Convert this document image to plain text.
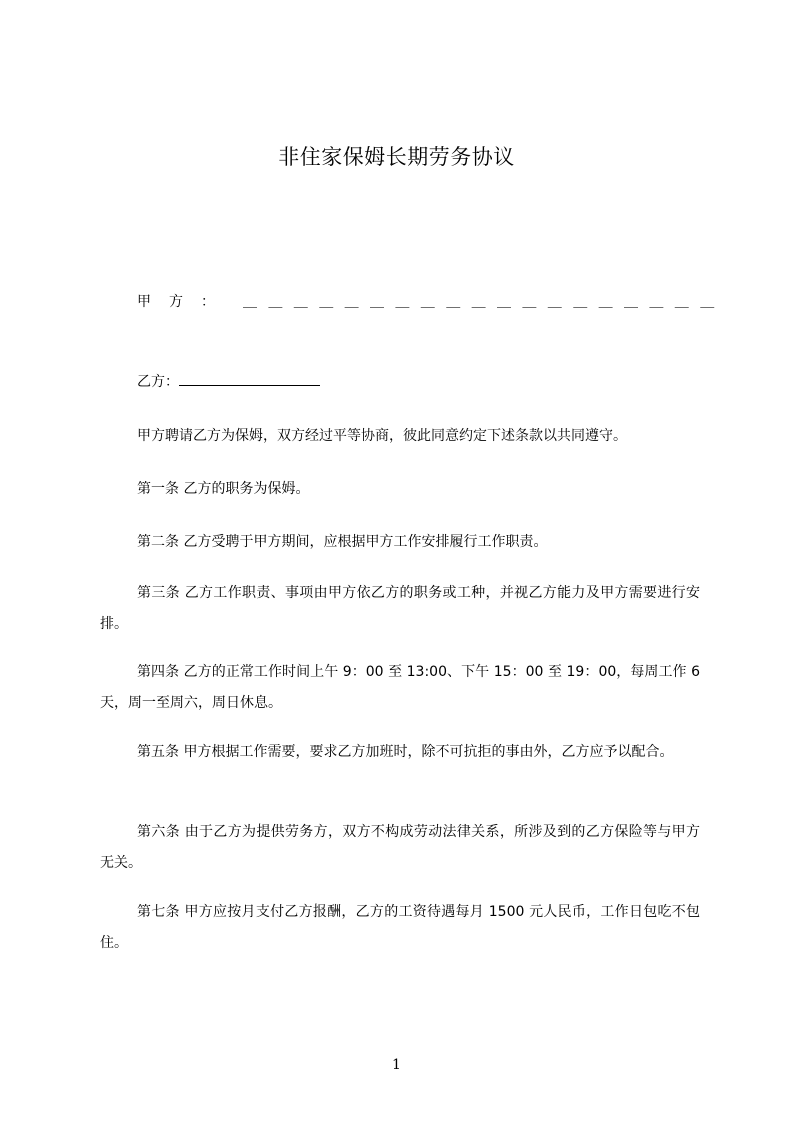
非住家保姆长期劳务协议
甲方： ＿＿＿＿＿＿＿＿＿＿＿＿＿＿＿＿＿＿＿
乙方：
甲方聘请乙方为保姆，双方经过平等协商，彼此同意约定下述条款以共同遵守。
第一条 乙方的职务为保姆。
第二条 乙方受聘于甲方期间，应根据甲方工作安排履行工作职责。
第三条 乙方工作职责、事项由甲方依乙方的职务或工种，并视乙方能力及甲方需要进行安排。
第四条 乙方的正常工作时间上午 9：00 至 13:00、下午 15：00 至 19：00，每周工作 6 天，周一至周六，周日休息。
第五条 甲方根据工作需要，要求乙方加班时，除不可抗拒的事由外，乙方应予以配合。
第六条 由于乙方为提供劳务方，双方不构成劳动法律关系，所涉及到的乙方保险等与甲方无关。
第七条 甲方应按月支付乙方报酬，乙方的工资待遇每月 1500 元人民币，工作日包吃不包住。
1
